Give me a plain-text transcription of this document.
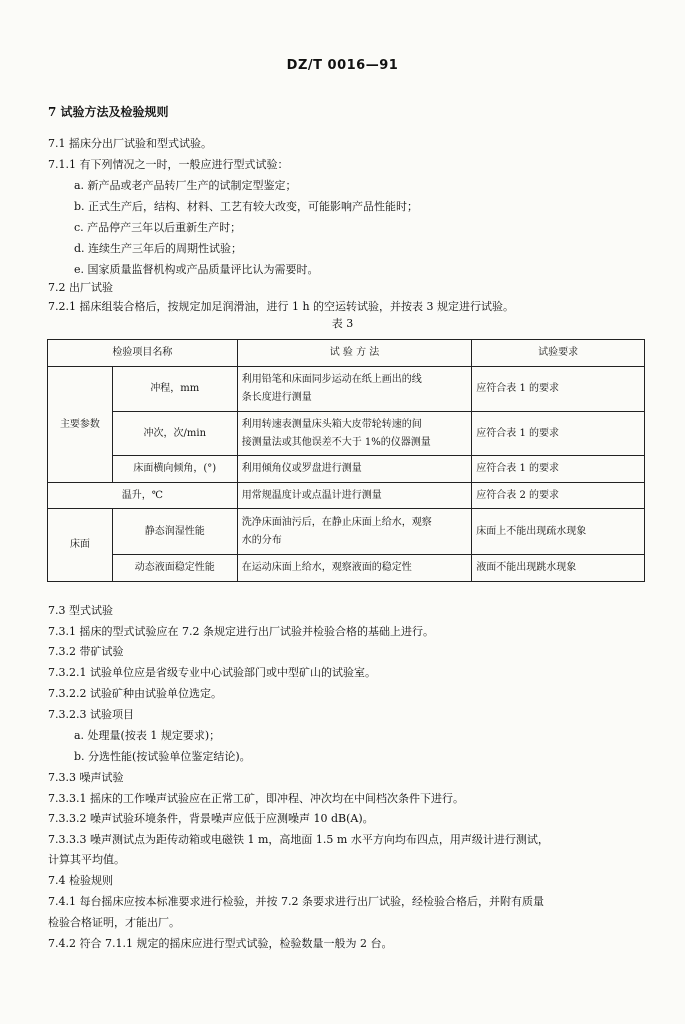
DZ/T 0016—91
7 试验方法及检验规则
7.1 摇床分出厂试验和型式试验。
7.1.1 有下列情况之一时，一般应进行型式试验：
a. 新产品或老产品转厂生产的试制定型鉴定；
b. 正式生产后，结构、材料、工艺有较大改变，可能影响产品性能时；
c. 产品停产三年以后重新生产时；
d. 连续生产三年后的周期性试验；
e. 国家质量监督机构或产品质量评比认为需要时。
7.2 出厂试验
7.2.1 摇床组装合格后，按规定加足润滑油，进行 1 h 的空运转试验，并按表 3 规定进行试验。
表 3
检验项目名称		试 验 方 法	试验要求
主要参数	冲程，mm	利用铅笔和床面同步运动在纸上画出的线
条长度进行测量	应符合表 1 的要求
	冲次，次/min	利用转速表测量床头箱大皮带轮转速的间
接测量法或其他误差不大于 1%的仪器测量	应符合表 1 的要求
	床面横向倾角，(°)	利用倾角仪或罗盘进行测量	应符合表 1 的要求
温升，℃		用常规温度计或点温计进行测量	应符合表 2 的要求
床面	静态润湿性能	洗净床面油污后，在静止床面上给水，观察
水的分布	床面上不能出现疏水现象
	动态液面稳定性能	在运动床面上给水，观察液面的稳定性	液面不能出现跳水现象
7.3 型式试验
7.3.1 摇床的型式试验应在 7.2 条规定进行出厂试验并检验合格的基础上进行。
7.3.2 带矿试验
7.3.2.1 试验单位应是省级专业中心试验部门或中型矿山的试验室。
7.3.2.2 试验矿种由试验单位选定。
7.3.2.3 试验项目
a. 处理量(按表 1 规定要求)；
b. 分选性能(按试验单位鉴定结论)。
7.3.3 噪声试验
7.3.3.1 摇床的工作噪声试验应在正常工矿，即冲程、冲次均在中间档次条件下进行。
7.3.3.2 噪声试验环境条件，背景噪声应低于应测噪声 10 dB(A)。
7.3.3.3 噪声测试点为距传动箱或电磁铁 1 m，高地面 1.5 m 水平方向均布四点，用声级计进行测试，
计算其平均值。
7.4 检验规则
7.4.1 每台摇床应按本标准要求进行检验，并按 7.2 条要求进行出厂试验，经检验合格后，并附有质量
检验合格证明，才能出厂。
7.4.2 符合 7.1.1 规定的摇床应进行型式试验，检验数量一般为 2 台。
